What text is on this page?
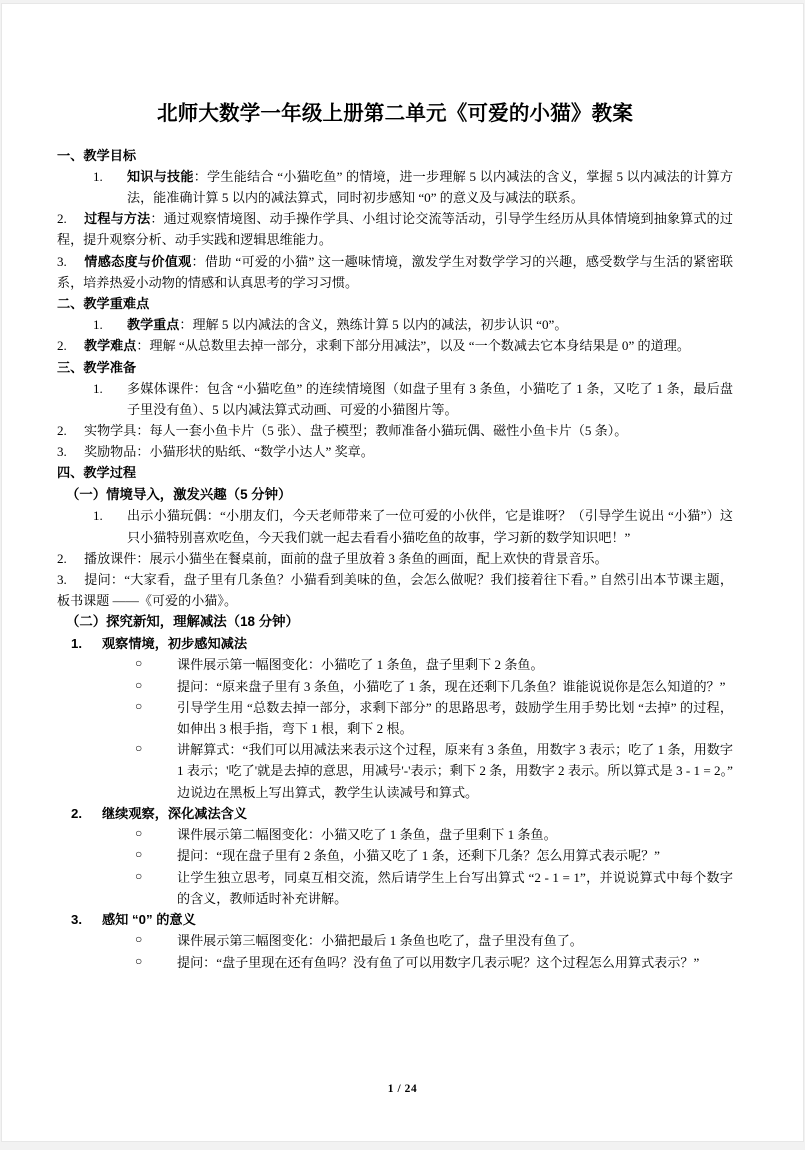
北师大数学一年级上册第二单元《可爱的小猫》教案
一、教学目标

1.	知识与技能：学生能结合 “小猫吃鱼” 的情境，进一步理解 5 以内减法的含义，掌握 5 以内减法的计算方法，能准确计算 5 以内的减法算式，同时初步感知 “0” 的意义及与减法的联系。

2. 过程与方法：通过观察情境图、动手操作学具、小组讨论交流等活动，引导学生经历从具体情境到抽象算式的过程，提升观察分析、动手实践和逻辑思维能力。

3. 情感态度与价值观：借助 “可爱的小猫” 这一趣味情境，激发学生对数学学习的兴趣，感受数学与生活的紧密联系，培养热爱小动物的情感和认真思考的学习习惯。

二、教学重难点

1.	教学重点：理解 5 以内减法的含义，熟练计算 5 以内的减法，初步认识 “0”。

2. 教学难点：理解 “从总数里去掉一部分，求剩下部分用减法”，以及 “一个数减去它本身结果是 0” 的道理。

三、教学准备

1.	多媒体课件：包含 “小猫吃鱼” 的连续情境图（如盘子里有 3 条鱼，小猫吃了 1 条，又吃了 1 条，最后盘子里没有鱼）、5 以内减法算式动画、可爱的小猫图片等。

2. 实物学具：每人一套小鱼卡片（5 张）、盘子模型；教师准备小猫玩偶、磁性小鱼卡片（5 条）。

3. 奖励物品：小猫形状的贴纸、“数学小达人” 奖章。

四、教学过程
（一）情境导入，激发兴趣（5 分钟）

1.	出示小猫玩偶：“小朋友们，今天老师带来了一位可爱的小伙伴，它是谁呀？（引导学生说出 “小猫”）这只小猫特别喜欢吃鱼，今天我们就一起去看看小猫吃鱼的故事，学习新的数学知识吧！”

2. 播放课件：展示小猫坐在餐桌前，面前的盘子里放着 3 条鱼的画面，配上欢快的背景音乐。

3. 提问：“大家看，盘子里有几条鱼？小猫看到美味的鱼，会怎么做呢？我们接着往下看。” 自然引出本节课主题，板书课题 ——《可爱的小猫》。

（二）探究新知，理解减法（18 分钟）
1. 观察情境，初步感知减法

○	课件展示第一幅图变化：小猫吃了 1 条鱼，盘子里剩下 2 条鱼。

○	提问：“原来盘子里有 3 条鱼，小猫吃了 1 条，现在还剩下几条鱼？谁能说说你是怎么知道的？”

○	引导学生用 “总数去掉一部分，求剩下部分” 的思路思考，鼓励学生用手势比划 “去掉” 的过程，如伸出 3 根手指，弯下 1 根，剩下 2 根。

○	讲解算式：“我们可以用减法来表示这个过程，原来有 3 条鱼，用数字 3 表示；吃了 1 条，用数字 1 表示；'吃了'就是去掉的意思，用减号'-'表示；剩下 2 条，用数字 2 表示。所以算式是 3 - 1 = 2。” 边说边在黑板上写出算式，教学生认读减号和算式。

2. 继续观察，深化减法含义

○	课件展示第二幅图变化：小猫又吃了 1 条鱼，盘子里剩下 1 条鱼。

○	提问：“现在盘子里有 2 条鱼，小猫又吃了 1 条，还剩下几条？怎么用算式表示呢？”

○	让学生独立思考，同桌互相交流，然后请学生上台写出算式 “2 - 1 = 1”，并说说算式中每个数字的含义，教师适时补充讲解。

3. 感知 “0” 的意义

○	课件展示第三幅图变化：小猫把最后 1 条鱼也吃了，盘子里没有鱼了。

○	提问：“盘子里现在还有鱼吗？没有鱼了可以用数字几表示呢？这个过程怎么用算式表示？”

1 / 24
